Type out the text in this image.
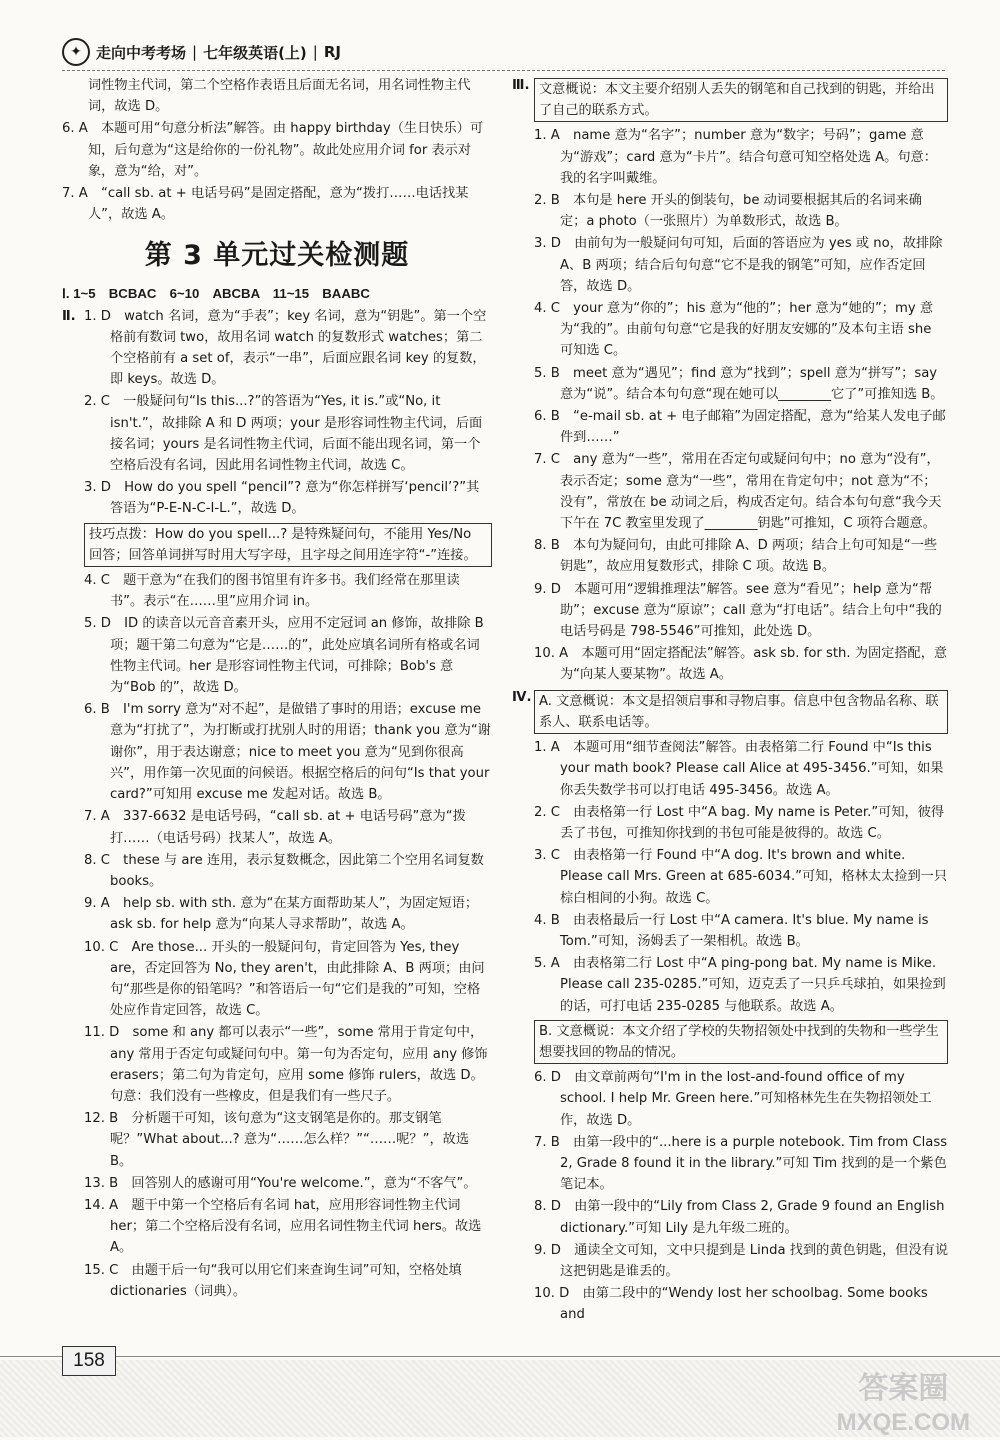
✦ 走向中考考场 | 七年级英语(上) | RJ

词性物主代词，第二个空格作表语且后面无名词，用名词性物主代词，故选 D。

6. A　本题可用“句意分析法”解答。由 happy birthday（生日快乐）可知，后句意为“这是给你的一份礼物”。故此处应用介词 for 表示对象，意为“给，对”。

7. A　“call sb. at + 电话号码”是固定搭配，意为“拨打……电话找某人”，故选 A。

第 3 单元过关检测题

Ⅰ. 1~5　BCBAC　6~10　ABCBA　11~15　BAABC

Ⅱ. 1. D　watch 名词，意为“手表”；key 名词，意为“钥匙”。第一个空格前有数词 two，故用名词 watch 的复数形式 watches；第二个空格前有 a set of，表示“一串”，后面应跟名词 key 的复数，即 keys。故选 D。

2. C　一般疑问句“Is this...?”的答语为“Yes, it is.”或“No, it isn't.”，故排除 A 和 D 两项；your 是形容词性物主代词，后面接名词；yours 是名词性物主代词，后面不能出现名词，第一个空格后没有名词，因此用名词性物主代词，故选 C。

3. D　How do you spell “pencil”? 意为“你怎样拼写‘pencil’?”其答语为“P-E-N-C-I-L.”，故选 D。

技巧点拨：How do you spell...? 是特殊疑问句，不能用 Yes/No 回答；回答单词拼写时用大写字母，且字母之间用连字符“-”连接。

4. C　题干意为“在我们的图书馆里有许多书。我们经常在那里读书”。表示“在……里”应用介词 in。

5. D　ID 的读音以元音音素开头，应用不定冠词 an 修饰，故排除 B 项；题干第二句意为“它是……的”，此处应填名词所有格或名词性物主代词。her 是形容词性物主代词，可排除；Bob's 意为“Bob 的”，故选 D。

6. B　I'm sorry 意为“对不起”，是做错了事时的用语；excuse me 意为“打扰了”，为打断或打扰别人时的用语；thank you 意为“谢谢你”，用于表达谢意；nice to meet you 意为“见到你很高兴”，用作第一次见面的问候语。根据空格后的问句“Is that your card?”可知用 excuse me 发起对话。故选 B。

7. A　337-6632 是电话号码，“call sb. at + 电话号码”意为“拨打……（电话号码）找某人”，故选 A。

8. C　these 与 are 连用，表示复数概念，因此第二个空用名词复数 books。

9. A　help sb. with sth. 意为“在某方面帮助某人”，为固定短语；ask sb. for help 意为“向某人寻求帮助”，故选 A。

10. C　Are those... 开头的一般疑问句，肯定回答为 Yes, they are，否定回答为 No, they aren't，由此排除 A、B 两项；由问句“那些是你的铅笔吗？”和答语后一句“它们是我的”可知，空格处应作肯定回答，故选 C。

11. D　some 和 any 都可以表示“一些”，some 常用于肯定句中，any 常用于否定句或疑问句中。第一句为否定句，应用 any 修饰 erasers；第二句为肯定句，应用 some 修饰 rulers，故选 D。句意：我们没有一些橡皮，但是我们有一些尺子。

12. B　分析题干可知，该句意为“这支钢笔是你的。那支钢笔呢？”What about...? 意为“……怎么样？”“……呢？”，故选 B。

13. B　回答别人的感谢可用“You're welcome.”，意为“不客气”。

14. A　题干中第一个空格后有名词 hat，应用形容词性物主代词 her；第二个空格后没有名词，应用名词性物主代词 hers。故选 A。

15. C　由题干后一句“我可以用它们来查询生词”可知，空格处填 dictionaries（词典）。

Ⅲ. 文意概说：本文主要介绍别人丢失的钢笔和自己找到的钥匙，并给出了自己的联系方式。

1. A　name 意为“名字”；number 意为“数字；号码”；game 意为“游戏”；card 意为“卡片”。结合句意可知空格处选 A。句意：我的名字叫戴维。

2. B　本句是 here 开头的倒装句，be 动词要根据其后的名词来确定；a photo（一张照片）为单数形式，故选 B。

3. D　由前句为一般疑问句可知，后面的答语应为 yes 或 no，故排除 A、B 两项；结合后句句意“它不是我的钢笔”可知，应作否定回答，故选 D。

4. C　your 意为“你的”；his 意为“他的”；her 意为“她的”；my 意为“我的”。由前句句意“它是我的好朋友安娜的”及本句主语 she 可知选 C。

5. B　meet 意为“遇见”；find 意为“找到”；spell 意为“拼写”；say 意为“说”。结合本句句意“现在她可以________它了”可推知选 B。

6. B　“e-mail sb. at + 电子邮箱”为固定搭配，意为“给某人发电子邮件到……”

7. C　any 意为“一些”，常用在否定句或疑问句中；no 意为“没有”，表示否定；some 意为“一些”，常用在肯定句中；not 意为“不；没有”，常放在 be 动词之后，构成否定句。结合本句句意“我今天下午在 7C 教室里发现了________钥匙”可推知，C 项符合题意。

8. B　本句为疑问句，由此可排除 A、D 两项；结合上句可知是“一些钥匙”，故应用复数形式，排除 C 项。故选 B。

9. D　本题可用“逻辑推理法”解答。see 意为“看见”；help 意为“帮助”；excuse 意为“原谅”；call 意为“打电话”。结合上句中“我的电话号码是 798-5546”可推知，此处选 D。

10. A　本题可用“固定搭配法”解答。ask sb. for sth. 为固定搭配，意为“向某人要某物”。故选 A。

Ⅳ. A. 文意概说：本文是招领启事和寻物启事。信息中包含物品名称、联系人、联系电话等。

1. A　本题可用“细节查阅法”解答。由表格第二行 Found 中“Is this your math book? Please call Alice at 495-3456.”可知，如果你丢失数学书可以打电话 495-3456。故选 A。

2. C　由表格第一行 Lost 中“A bag. My name is Peter.”可知，彼得丢了书包，可推知你找到的书包可能是彼得的。故选 C。

3. C　由表格第一行 Found 中“A dog. It's brown and white. Please call Mrs. Green at 685-6034.”可知，格林太太捡到一只棕白相间的小狗。故选 C。

4. B　由表格最后一行 Lost 中“A camera. It's blue. My name is Tom.”可知，汤姆丢了一架相机。故选 B。

5. A　由表格第二行 Lost 中“A ping-pong bat. My name is Mike. Please call 235-0285.”可知，迈克丢了一只乒乓球拍，如果捡到的话，可打电话 235-0285 与他联系。故选 A。

B. 文意概说：本文介绍了学校的失物招领处中找到的失物和一些学生想要找回的物品的情况。

6. D　由文章前两句“I'm in the lost-and-found office of my school. I help Mr. Green here.”可知格林先生在失物招领处工作，故选 D。

7. B　由第一段中的“...here is a purple notebook. Tim from Class 2, Grade 8 found it in the library.”可知 Tim 找到的是一个紫色笔记本。

8. D　由第一段中的“Lily from Class 2, Grade 9 found an English dictionary.”可知 Lily 是九年级二班的。

9. D　通读全文可知，文中只提到是 Linda 找到的黄色钥匙，但没有说这把钥匙是谁丢的。

10. D　由第二段中的“Wendy lost her schoolbag. Some books and

158
答案圈
MXQE.COM
